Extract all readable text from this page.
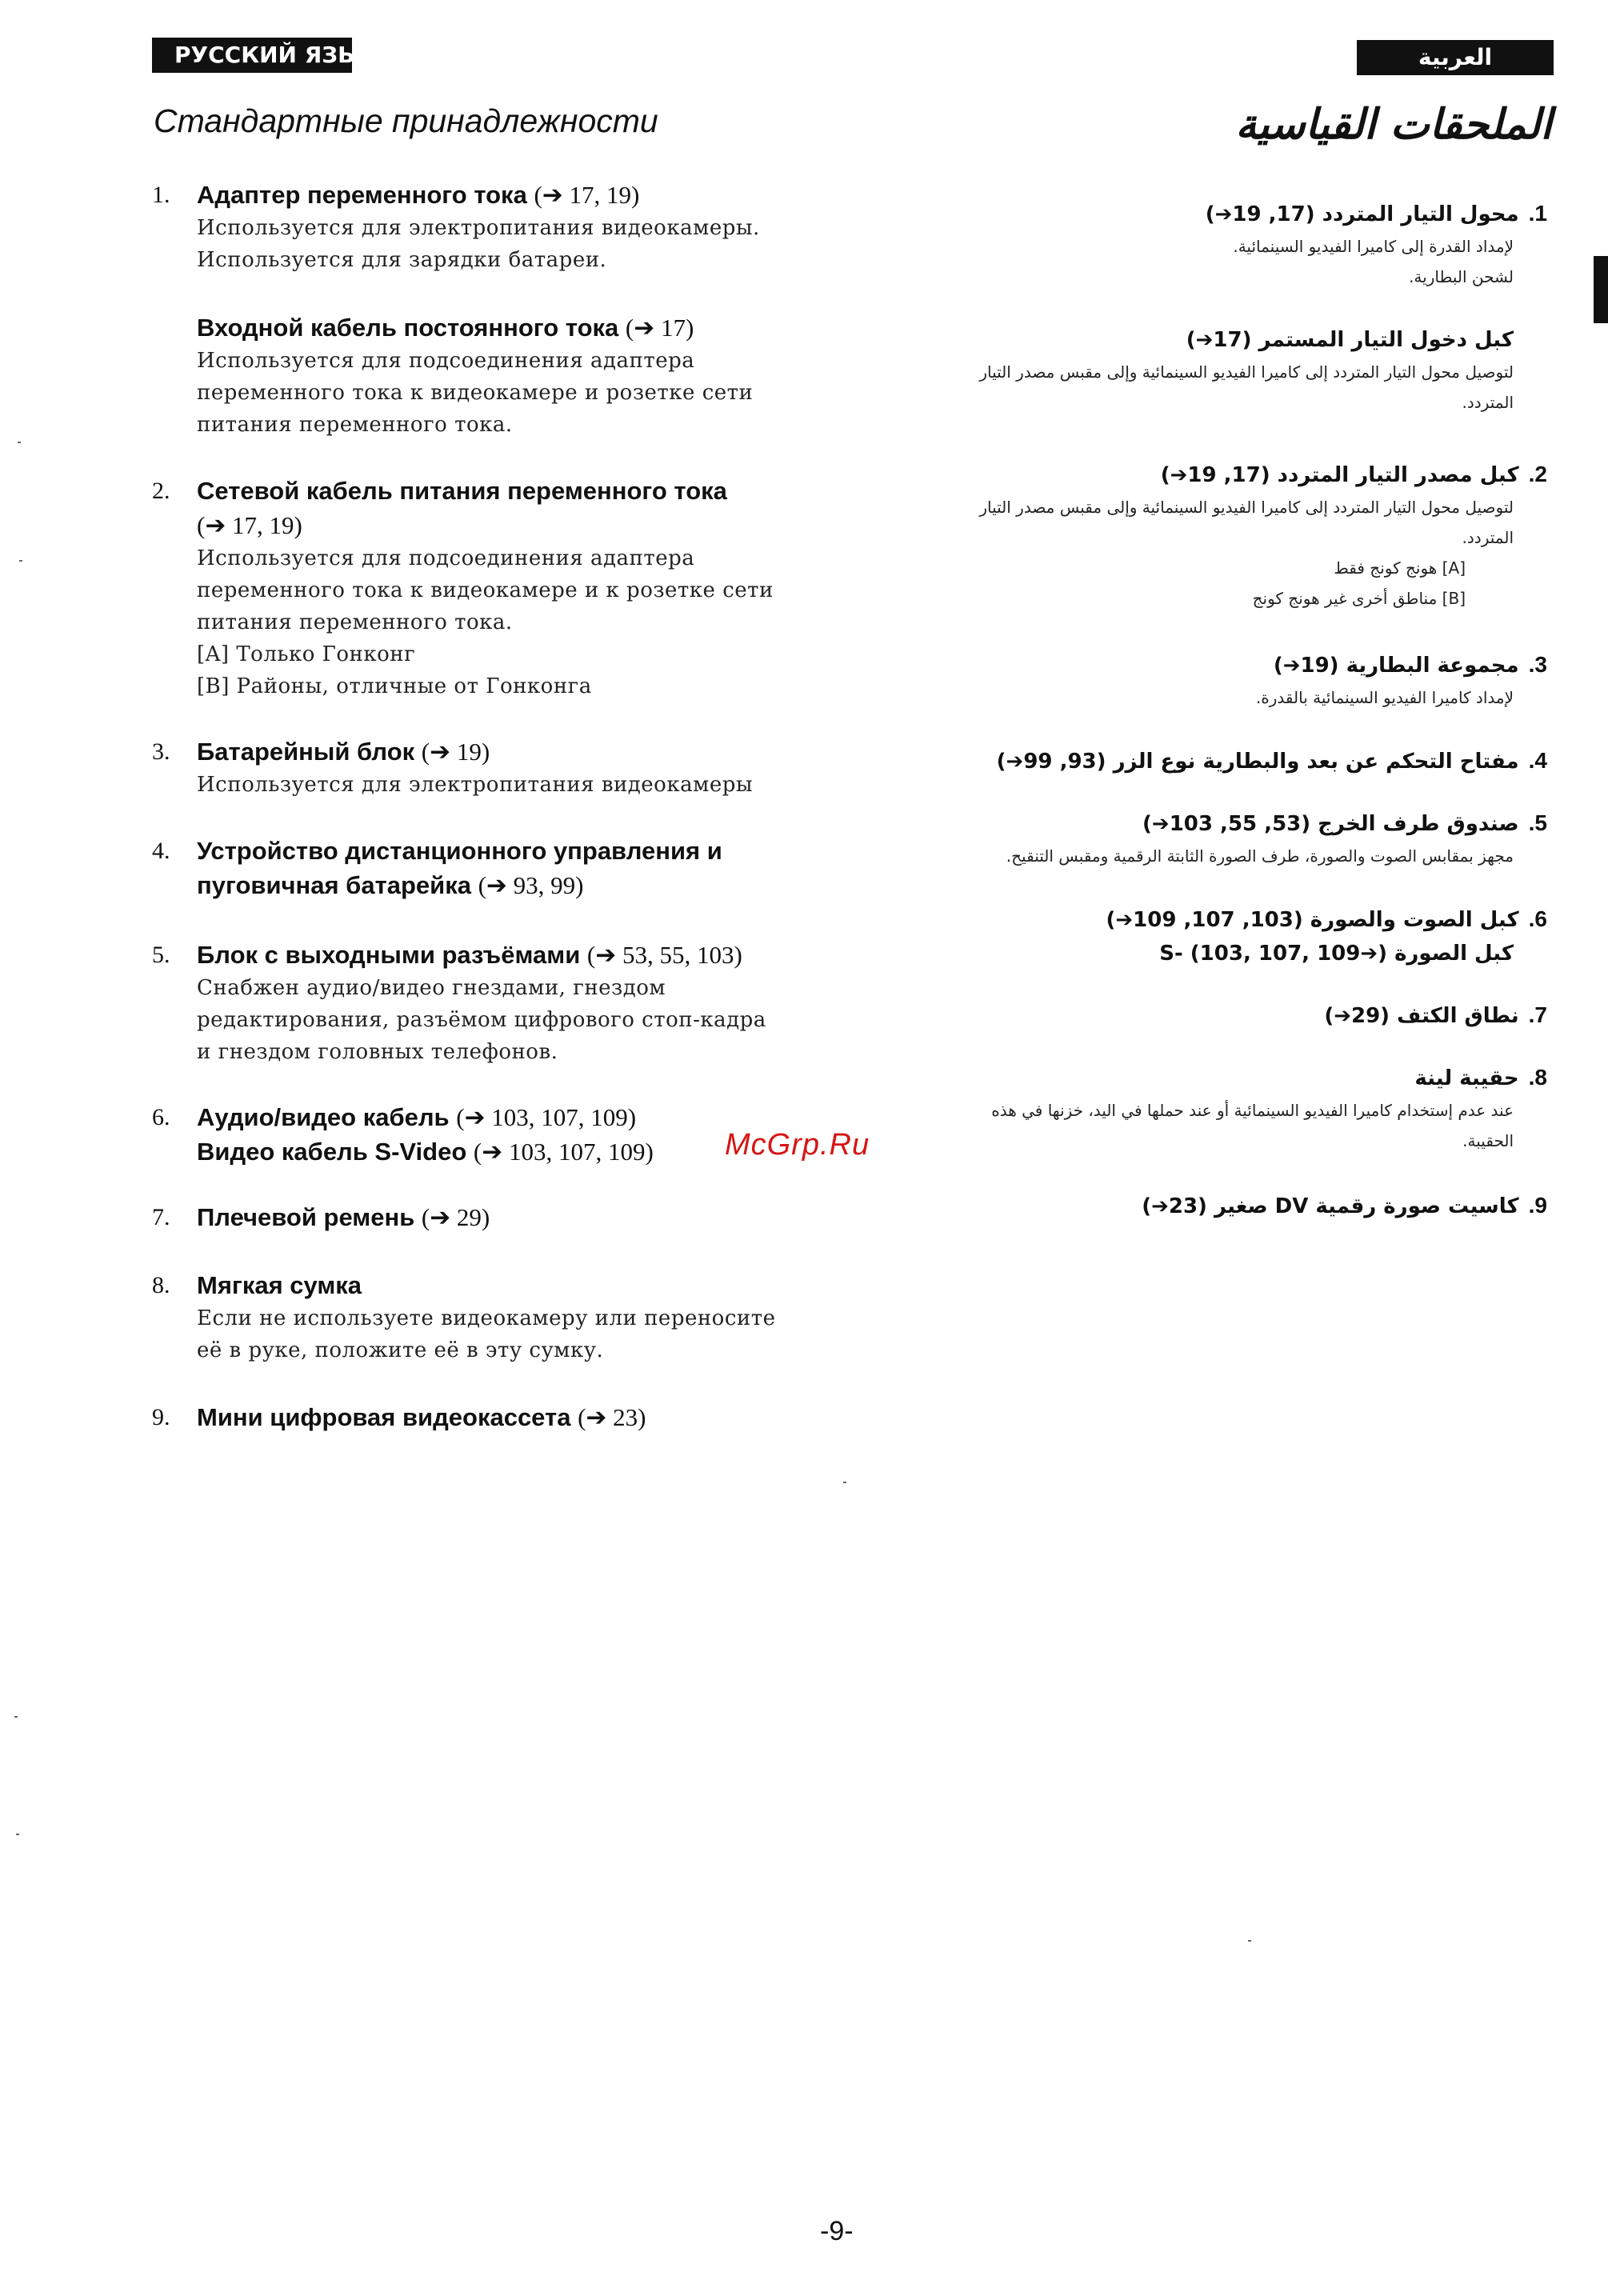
РУССКИЙ ЯЗЫК	العربية
Стандартные принадлежности	الملحقات القياسية
1. Адаптер переменного тока (➔ 17, 19)
Используется для электропитания видеокамеры.
Используется для зарядки батареи.
Входной кабель постоянного тока (➔ 17)
Используется для подсоединения адаптера
переменного тока к видеокамере и розетке сети
питания переменного тока.
2. Сетевой кабель питания переменного тока
(➔ 17, 19)
Используется для подсоединения адаптера
переменного тока к видеокамере и к розетке сети
питания переменного тока.
[A] Только Гонконг
[B] Районы, отличные от Гонконга
3. Батарейный блок (➔ 19)
Используется для электропитания видеокамеры
4. Устройство дистанционного управления и
пуговичная батарейка (➔ 93, 99)
5. Блок с выходными разъёмами (➔ 53, 55, 103)
Снабжен аудио/видео гнездами, гнездом
редактирования, разъёмом цифрового стоп-кадра
и гнездом головных телефонов.
6. Аудио/видео кабель (➔ 103, 107, 109)
Видео кабель S-Video (➔ 103, 107, 109)
7. Плечевой ремень (➔ 29)
8. Мягкая сумка
Если не используете видеокамеру или переносите
её в руке, положите её в эту сумку.
9. Мини цифровая видеокассета (➔ 23)
1.محول التيار المتردد (17, 19➔)
لإمداد القدرة إلى كاميرا الفيديو السينمائية.
لشحن البطارية.
كبل دخول التيار المستمر (17➔)
لتوصيل محول التيار المتردد إلى كاميرا الفيديو السينمائية وإلى مقبس مصدر التيار
المتردد.
2.كبل مصدر التيار المتردد (17, 19➔)
لتوصيل محول التيار المتردد إلى كاميرا الفيديو السينمائية وإلى مقبس مصدر التيار
المتردد.
[A] هونج كونج فقط
[B] مناطق أخرى غير هونج كونج
3.مجموعة البطارية (19➔)
لإمداد كاميرا الفيديو السينمائية بالقدرة.
4.مفتاح التحكم عن بعد والبطارية نوع الزر (93, 99➔)
5.صندوق طرف الخرج (53, 55, 103➔)
مجهز بمقابس الصوت والصورة، طرف الصورة الثابتة الرقمية ومقبس التنقيح.
6.كبل الصوت والصورة (103, 107, 109➔)
كبل الصورة S- (103, 107, 109➔)
7.نطاق الكتف (29➔)
8.حقيبة لينة
عند عدم إستخدام كاميرا الفيديو السينمائية أو عند حملها في اليد، خزنها في هذه
الحقيبة.
9.كاسيت صورة رقمية DV صغير (23➔)
McGrp.Ru
-9-
